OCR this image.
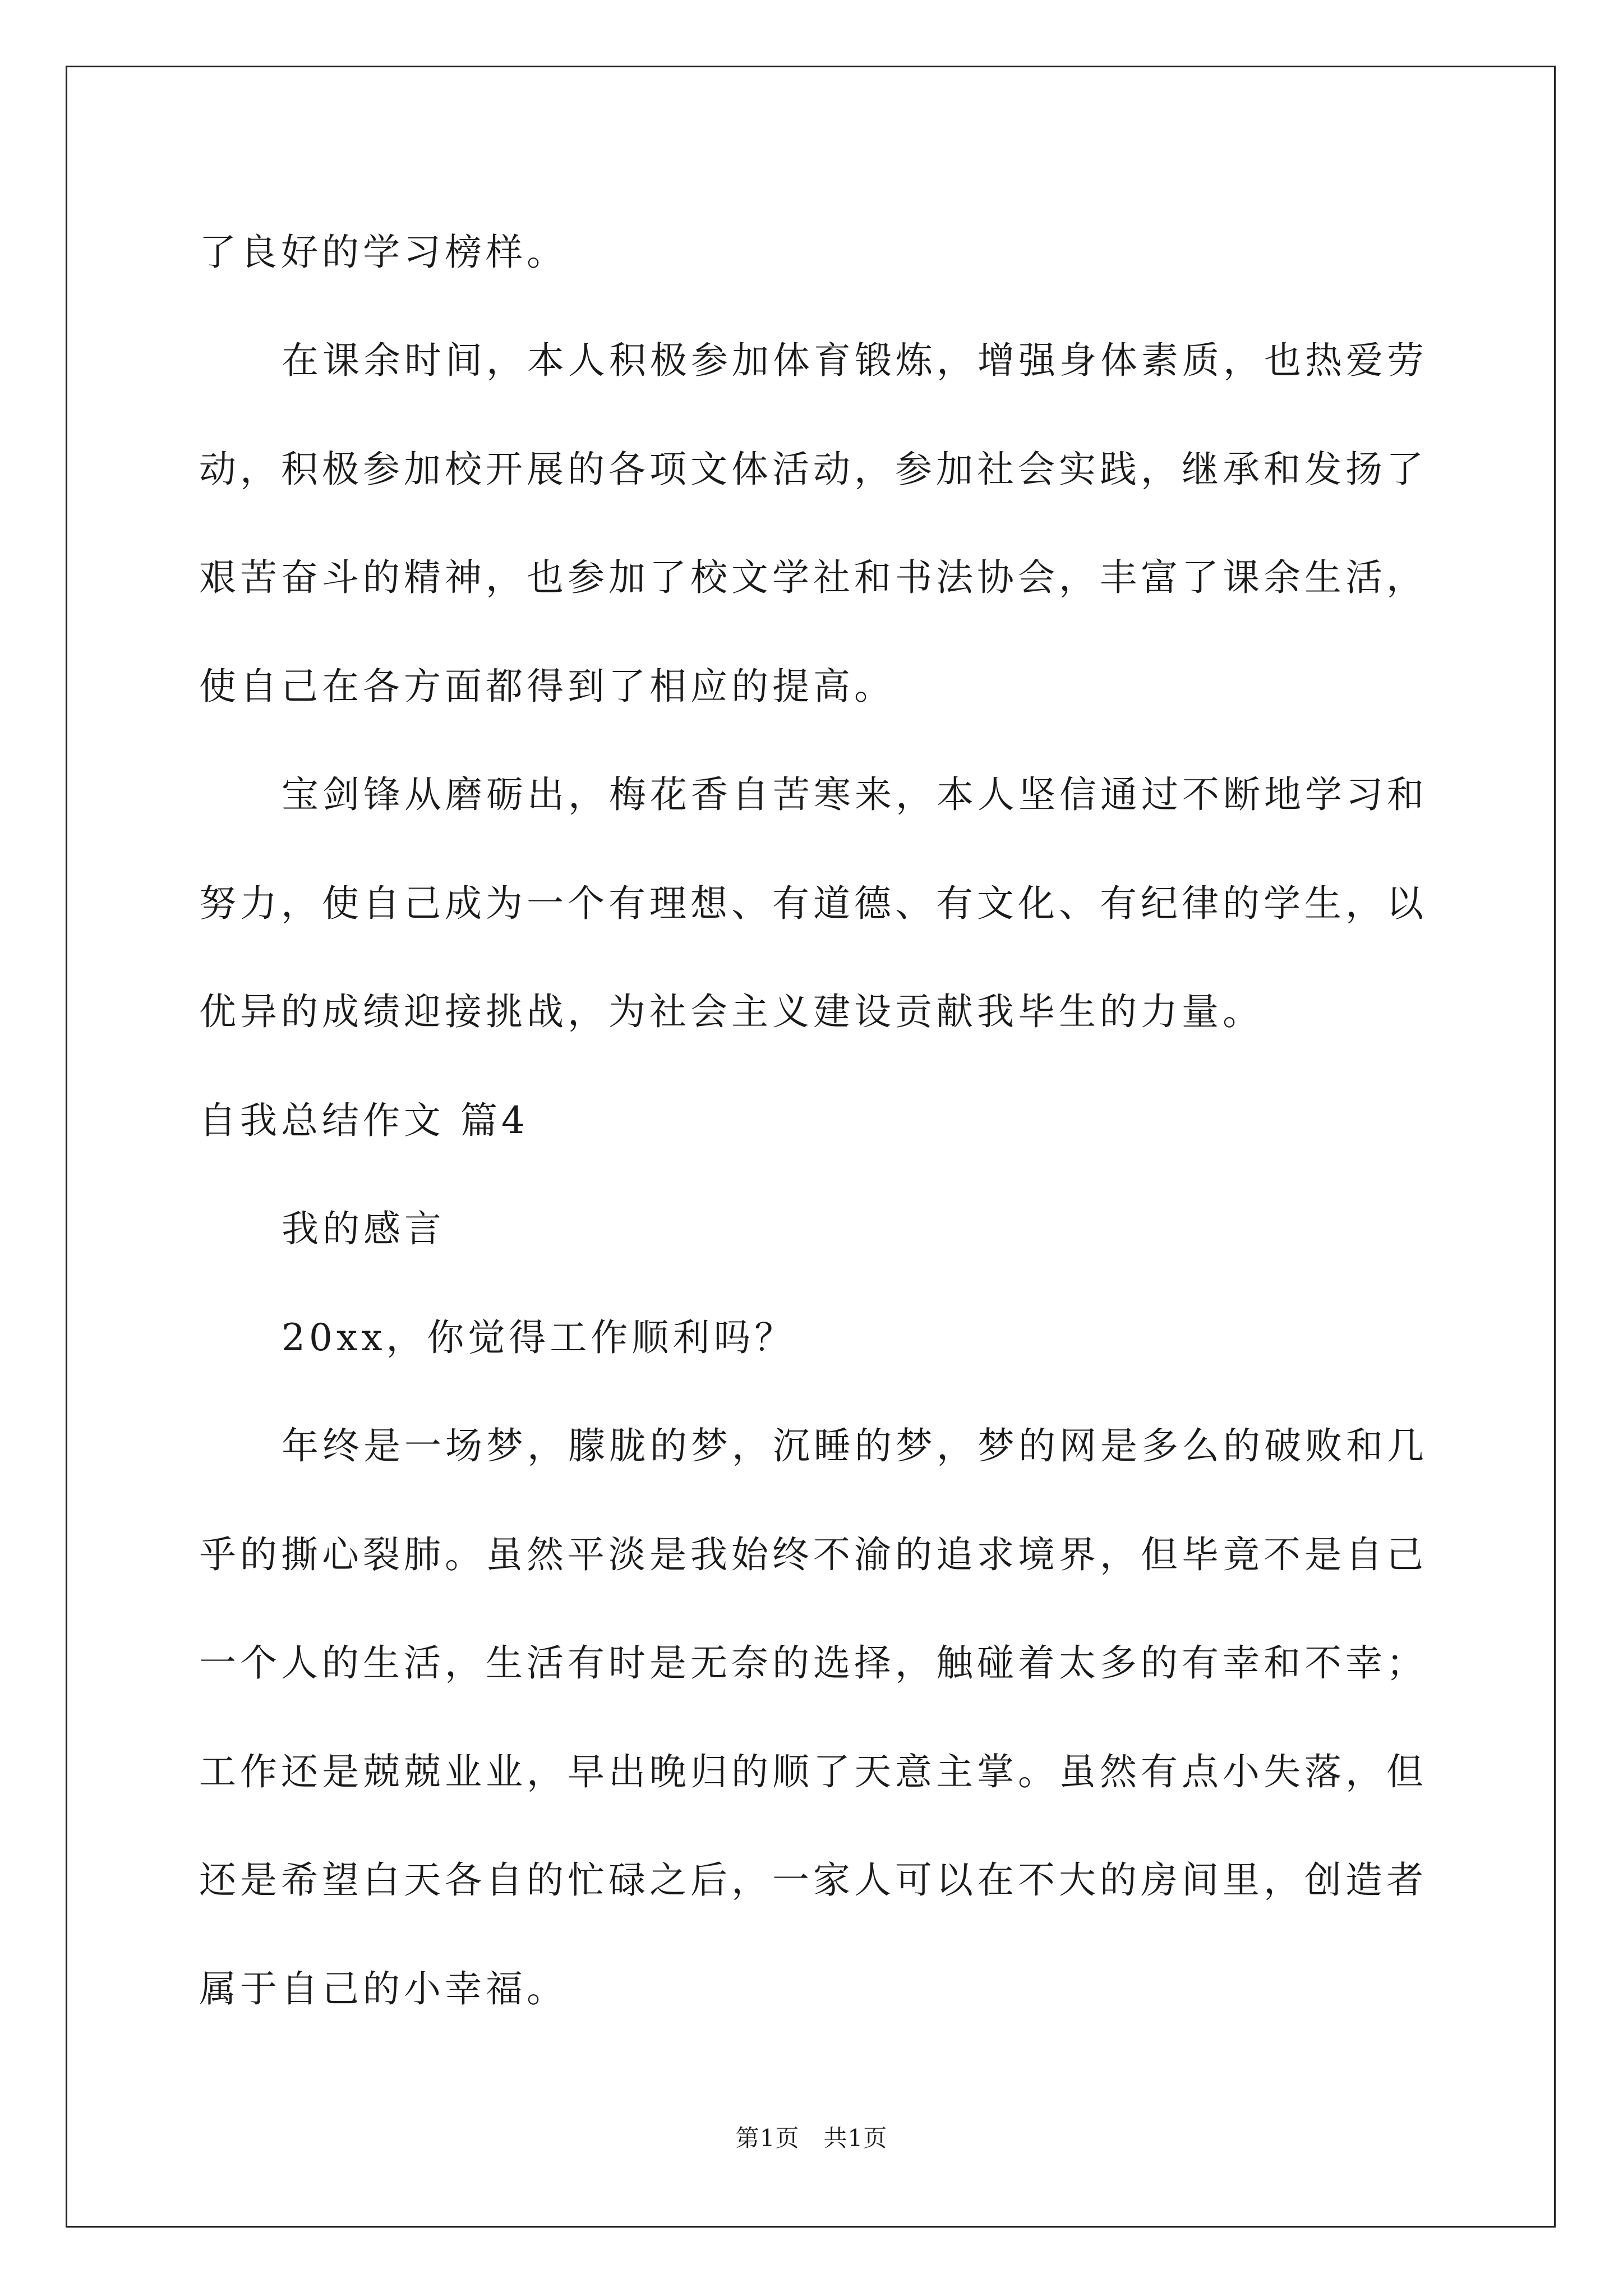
了良好的学习榜样。
在课余时间，本人积极参加体育锻炼，增强身体素质，也热爱劳
动，积极参加校开展的各项文体活动，参加社会实践，继承和发扬了
艰苦奋斗的精神，也参加了校文学社和书法协会，丰富了课余生活，
使自己在各方面都得到了相应的提高。
宝剑锋从磨砺出，梅花香自苦寒来，本人坚信通过不断地学习和
努力，使自己成为一个有理想、有道德、有文化、有纪律的学生，以
优异的成绩迎接挑战，为社会主义建设贡献我毕生的力量。
自我总结作文 篇4
我的感言
20xx，你觉得工作顺利吗？
年终是一场梦，朦胧的梦，沉睡的梦，梦的网是多么的破败和几
乎的撕心裂肺。虽然平淡是我始终不渝的追求境界，但毕竟不是自己
一个人的生活，生活有时是无奈的选择，触碰着太多的有幸和不幸；
工作还是兢兢业业，早出晚归的顺了天意主掌。虽然有点小失落，但
还是希望白天各自的忙碌之后，一家人可以在不大的房间里，创造者
属于自己的小幸福。
第1页   共1页
